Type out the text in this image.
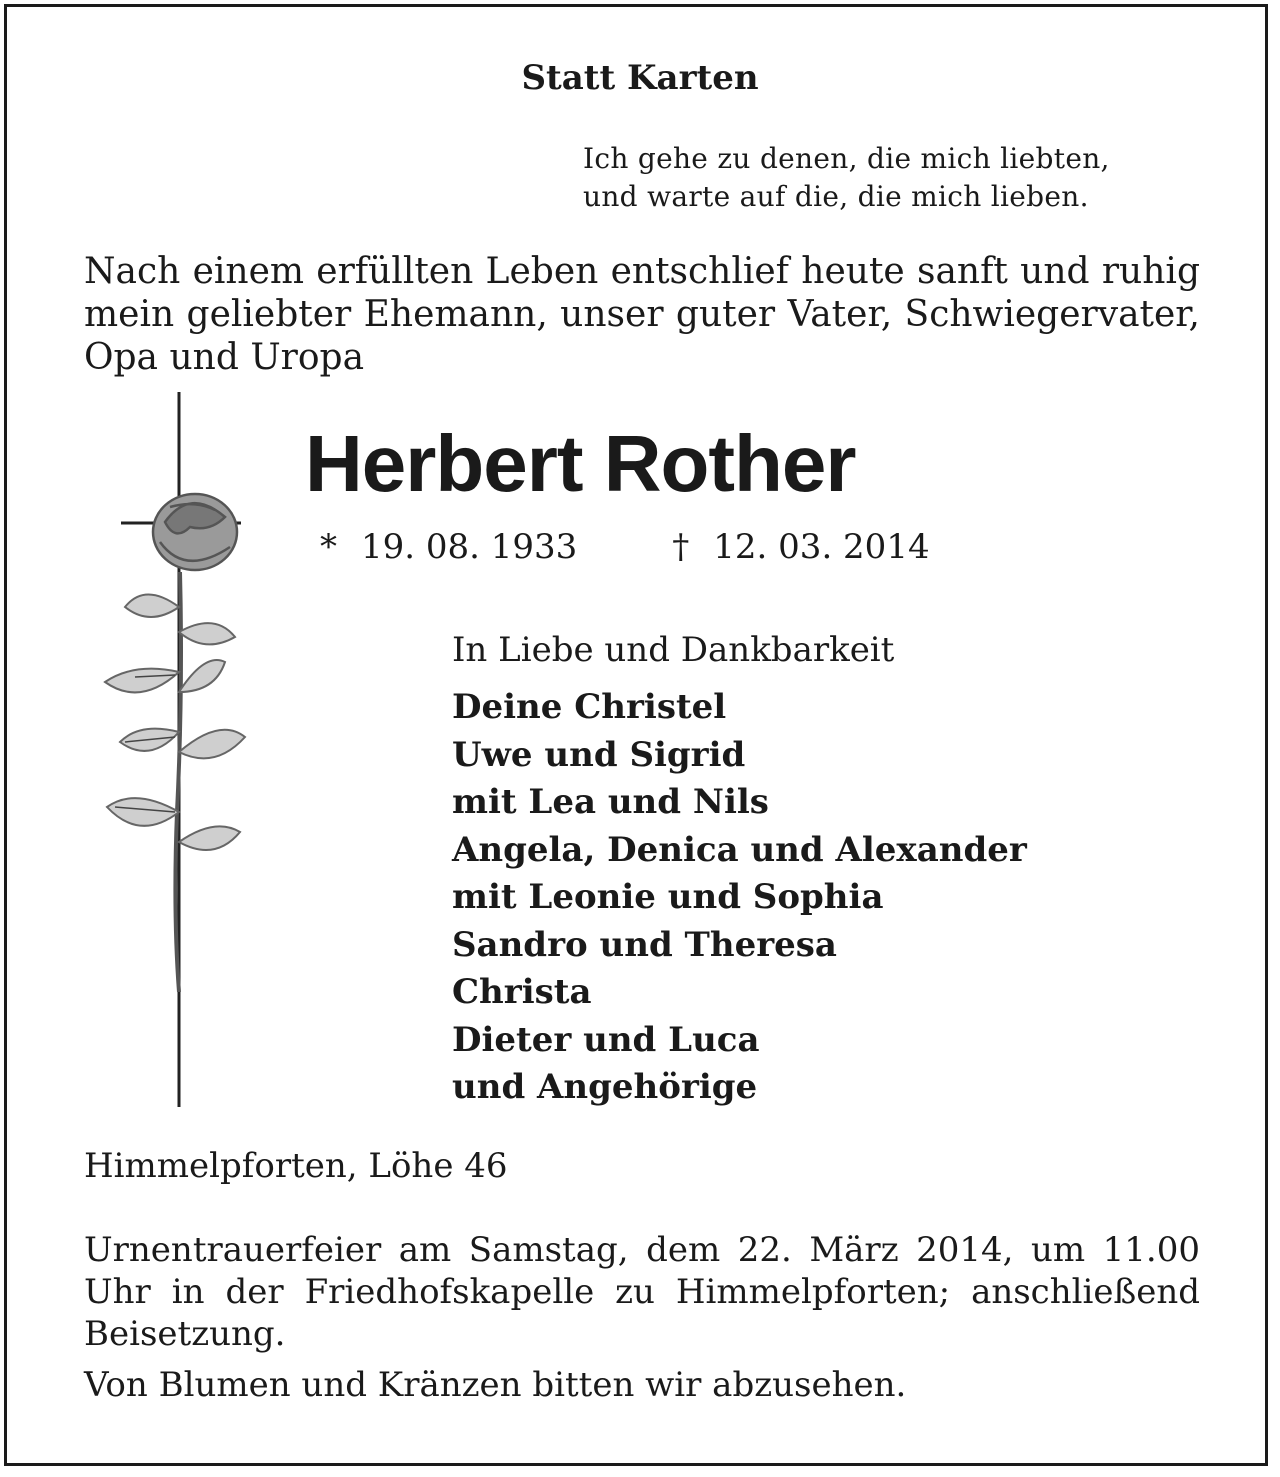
Statt Karten
Ich gehe zu denen, die mich liebten,
und warte auf die, die mich lieben.
Nach einem erfüllten Leben entschlief heute sanft und ruhig mein geliebter Ehemann, unser guter Vater, Schwiegervater, Opa und Uropa
Herbert Rother
* 19. 08. 1933	† 12. 03. 2014
In Liebe und Dankbarkeit
Deine Christel
Uwe und Sigrid
mit Lea und Nils
Angela, Denica und Alexander
mit Leonie und Sophia
Sandro und Theresa
Christa
Dieter und Luca
und Angehörige
Himmelpforten, Löhe 46
Urnentrauerfeier am Samstag, dem 22. März 2014, um 11.00 Uhr in der Friedhofskapelle zu Himmelpforten; anschließend Beisetzung.
Von Blumen und Kränzen bitten wir abzusehen.
